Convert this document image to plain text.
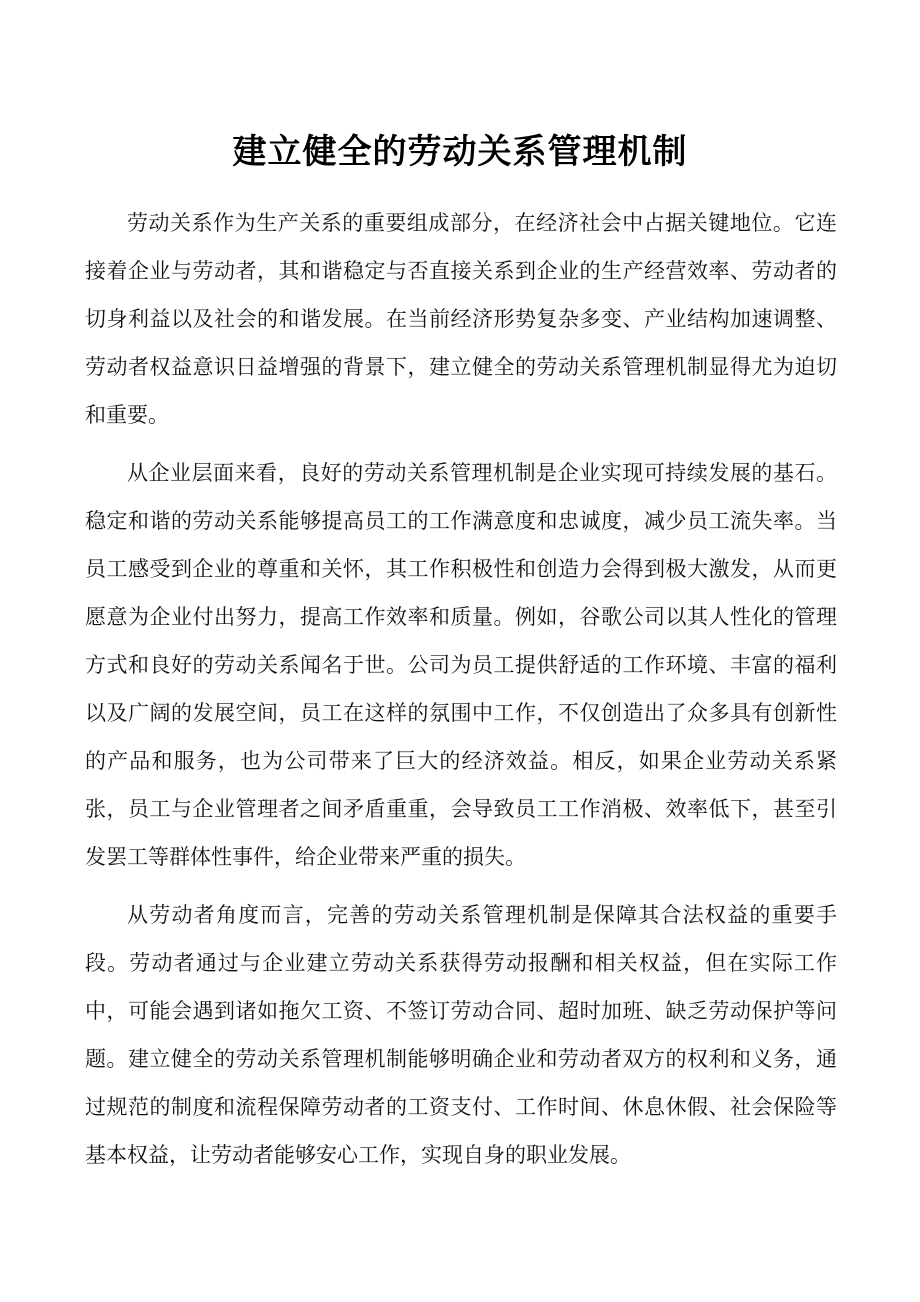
建立健全的劳动关系管理机制
劳动关系作为生产关系的重要组成部分，在经济社会中占据关键地位。它连接着企业与劳动者，其和谐稳定与否直接关系到企业的生产经营效率、劳动者的切身利益以及社会的和谐发展。在当前经济形势复杂多变、产业结构加速调整、劳动者权益意识日益增强的背景下，建立健全的劳动关系管理机制显得尤为迫切和重要。
从企业层面来看，良好的劳动关系管理机制是企业实现可持续发展的基石。稳定和谐的劳动关系能够提高员工的工作满意度和忠诚度，减少员工流失率。当员工感受到企业的尊重和关怀，其工作积极性和创造力会得到极大激发，从而更愿意为企业付出努力，提高工作效率和质量。例如，谷歌公司以其人性化的管理方式和良好的劳动关系闻名于世。公司为员工提供舒适的工作环境、丰富的福利以及广阔的发展空间，员工在这样的氛围中工作，不仅创造出了众多具有创新性的产品和服务，也为公司带来了巨大的经济效益。相反，如果企业劳动关系紧张，员工与企业管理者之间矛盾重重，会导致员工工作消极、效率低下，甚至引发罢工等群体性事件，给企业带来严重的损失。
从劳动者角度而言，完善的劳动关系管理机制是保障其合法权益的重要手段。劳动者通过与企业建立劳动关系获得劳动报酬和相关权益，但在实际工作中，可能会遇到诸如拖欠工资、不签订劳动合同、超时加班、缺乏劳动保护等问题。建立健全的劳动关系管理机制能够明确企业和劳动者双方的权利和义务，通过规范的制度和流程保障劳动者的工资支付、工作时间、休息休假、社会保险等基本权益，让劳动者能够安心工作，实现自身的职业发展。
